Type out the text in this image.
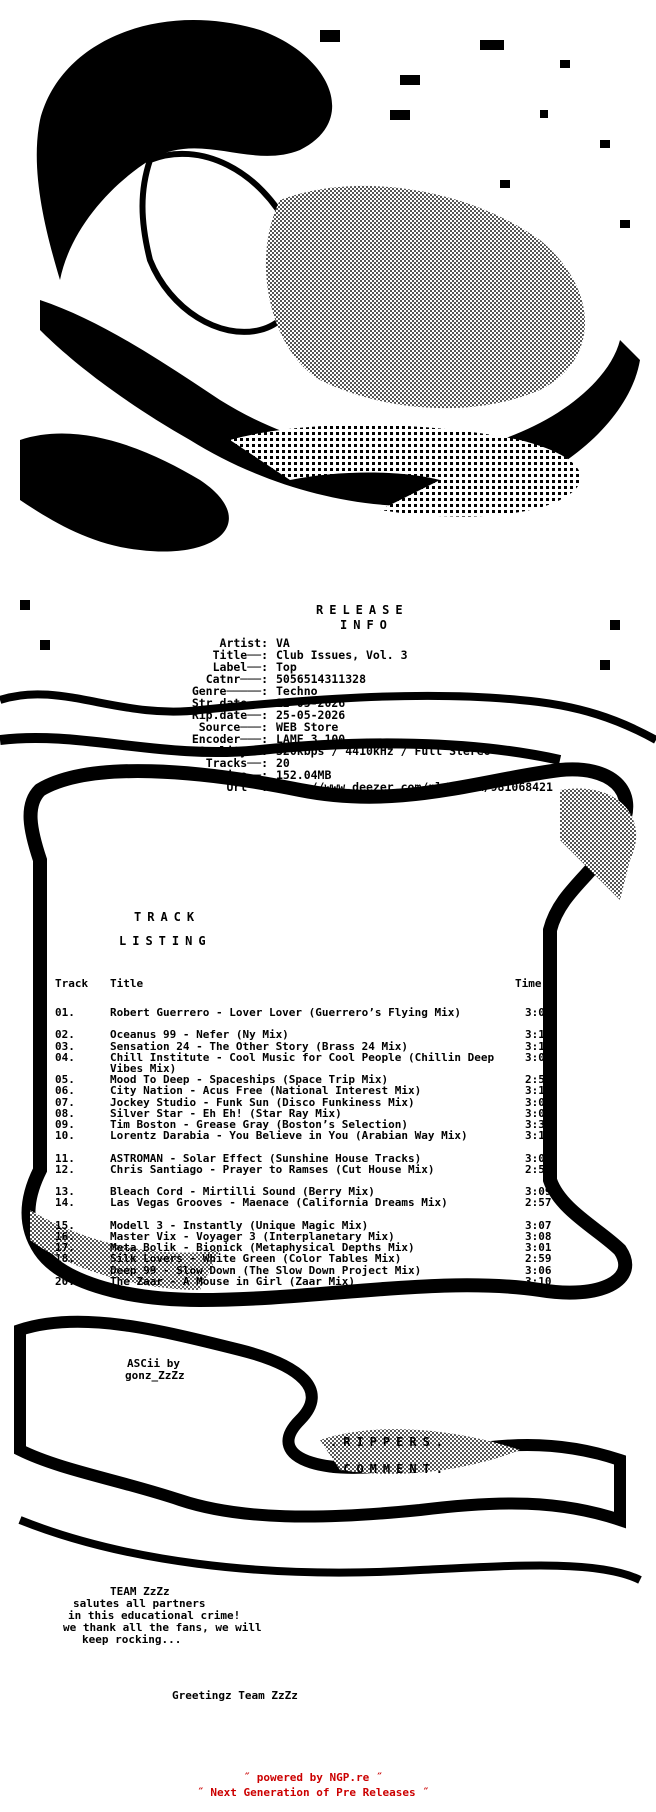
RELEASE
INFO
Artist: VA
Title──: Club Issues, Vol. 3
Label──: Top
Catnr───: 5056514311328
Genre─────: Techno
Str.date──: 12-05-2026
Rip.date──: 25-05-2026
Source───: WEB Store
Encoder───: LAME 3.100
Quality──: 320kbps / 4410kHz / Full Stereo
Tracks──: 20
Size──: 152.04MB
Url──: http://www.deezer.com/nl/album/981068421
TRACK
LISTING
Track Title	Time
01.	Robert Guerrero - Lover Lover (Guerrero’s Flying Mix)	3:05
02.	Oceanus 99 - Nefer (Ny Mix)	3:17
03.	Sensation 24 - The Other Story (Brass 24 Mix)	3:13
04.	Chill Institute - Cool Music for Cool People (Chillin Deep Vibes Mix)
3:06
05.	Mood To Deep - Spaceships (Space Trip Mix)	2:57
06.	City Nation - Acus Free (National Interest Mix)	3:15
07.	Jockey Studio - Funk Sun (Disco Funkiness Mix)	3:09
08.	Silver Star - Eh Eh! (Star Ray Mix)	3:03
09.	Tim Boston - Grease Gray (Boston’s Selection)	3:37
10.	Lorentz Darabia - You Believe in You (Arabian Way Mix)	3:12
11.	ASTROMAN - Solar Effect (Sunshine House Tracks)	3:00
12.	Chris Santiago - Prayer to Ramses (Cut House Mix)	2:52
13.	Bleach Cord - Mirtilli Sound (Berry Mix)	3:09
14.	Las Vegas Grooves - Maenace (California Dreams Mix)	2:57
15.	Modell 3 - Instantly (Unique Magic Mix)	3:07
16.	Master Vix - Voyager 3 (Interplanetary Mix)	3:08
17.	Meta Bolik - Bionick (Metaphysical Depths Mix)	3:01
18.	Silk Lovers - White Green (Color Tables Mix)	2:59
19.	Deep 99 - Slow Down (The Slow Down Project Mix)	3:06
20.	The Zaar - A Mouse in Girl (Zaar Mix)	3:10
ASCii by
gonz_ZzZz
.RIPPERS.
.COMMENT.
TEAM ZzZz
salutes all partners
in this educational crime!
we thank all the fans, we will
keep rocking...
Greetingz Team ZzZz
˝ powered by NGP.re ˝
˝ Next Generation of Pre Releases ˝
